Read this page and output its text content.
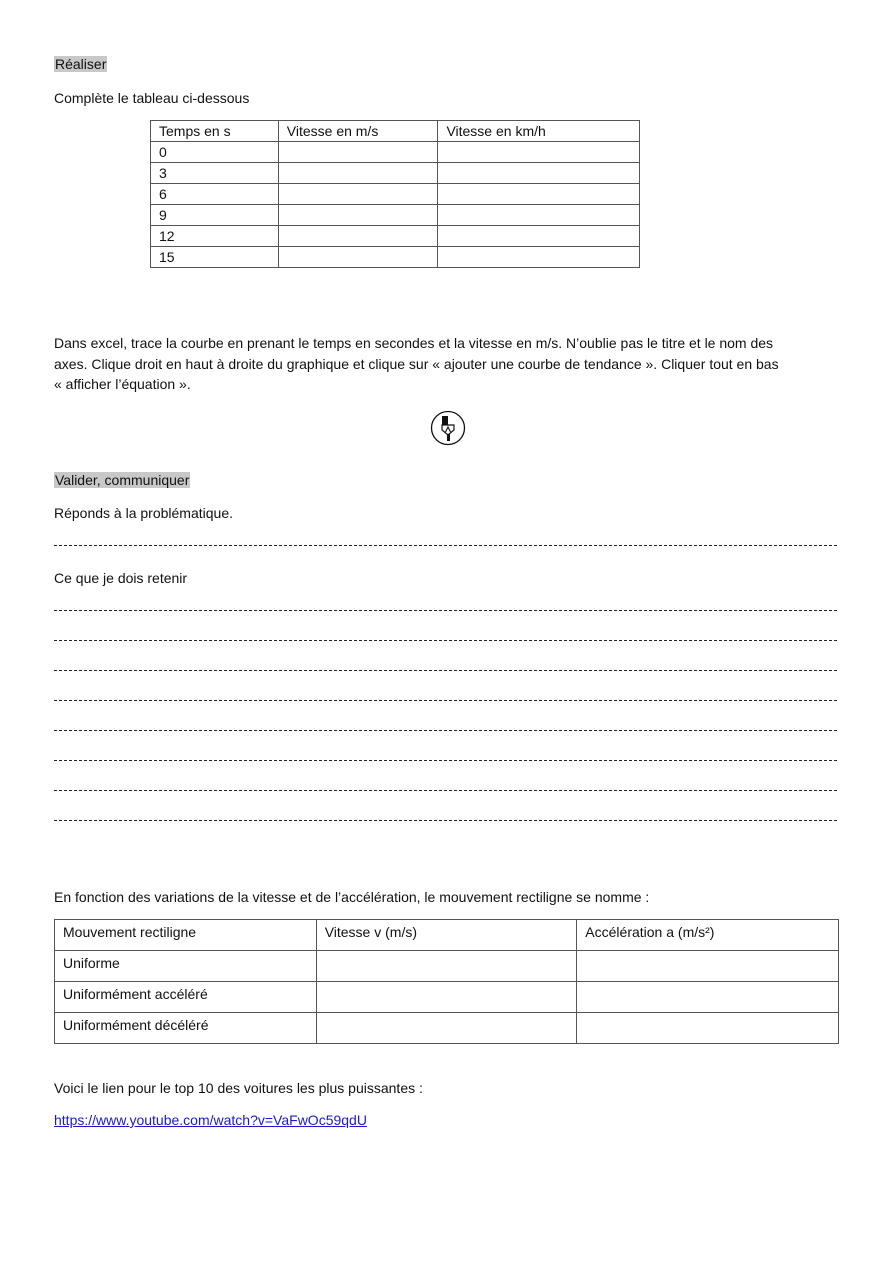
Réaliser
Complète le tableau ci-dessous
Temps en s	Vitesse en m/s	Vitesse en km/h
0		
3		
6		
9		
12		
15		
Dans excel, trace la courbe en prenant le temps en secondes et la vitesse en m/s. N’oublie pas le titre et le nom des
axes. Clique droit en haut à droite du graphique et clique sur « ajouter une courbe de tendance ». Cliquer tout en bas
« afficher l’équation ».
Valider, communiquer
Réponds à la problématique.
Ce que je dois retenir
En fonction des variations de la vitesse et de l’accélération, le mouvement rectiligne se nomme :
Mouvement rectiligne	Vitesse v (m/s)	Accélération a (m/s²)
Uniforme		
Uniformément accéléré		
Uniformément décéléré		
Voici le lien pour le top 10 des voitures les plus puissantes :
https://www.youtube.com/watch?v=VaFwOc59qdU
